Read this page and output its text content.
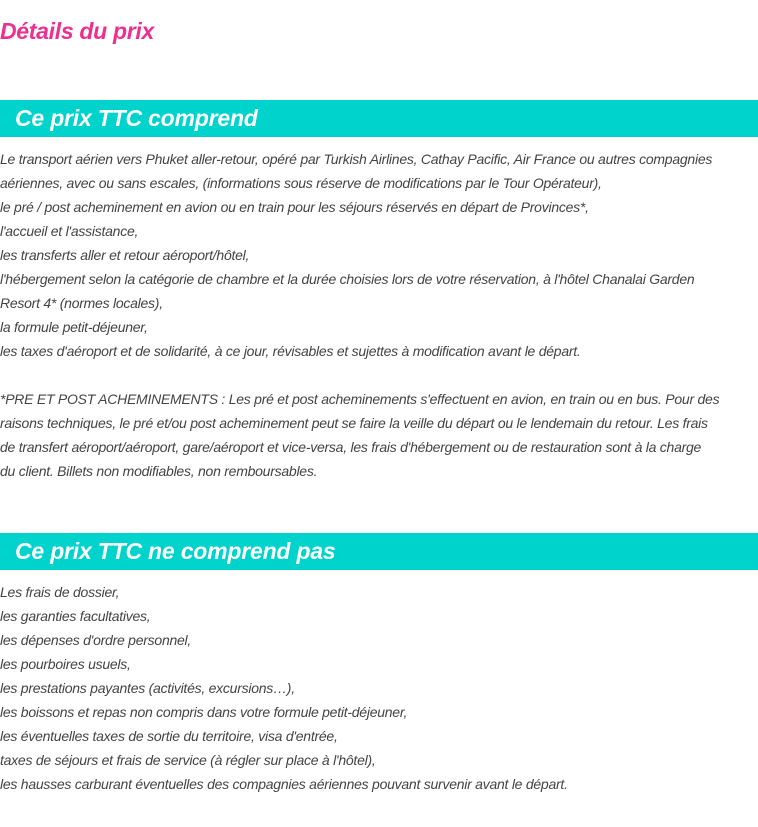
Détails du prix
Ce prix TTC comprend
Le transport aérien vers Phuket aller-retour, opéré par Turkish Airlines, Cathay Pacific, Air France ou autres compagnies
aériennes, avec ou sans escales, (informations sous réserve de modifications par le Tour Opérateur),
le pré / post acheminement en avion ou en train pour les séjours réservés en départ de Provinces*,
l'accueil et l'assistance,
les transferts aller et retour aéroport/hôtel,
l'hébergement selon la catégorie de chambre et la durée choisies lors de votre réservation, à l'hôtel Chanalai Garden
Resort 4* (normes locales),
la formule petit-déjeuner,
les taxes d'aéroport et de solidarité, à ce jour, révisables et sujettes à modification avant le départ.
*PRE ET POST ACHEMINEMENTS : Les pré et post acheminements s'effectuent en avion, en train ou en bus. Pour des
raisons techniques, le pré et/ou post acheminement peut se faire la veille du départ ou le lendemain du retour. Les frais
de transfert aéroport/aéroport, gare/aéroport et vice-versa, les frais d'hébergement ou de restauration sont à la charge
du client. Billets non modifiables, non remboursables.
Ce prix TTC ne comprend pas
Les frais de dossier,
les garanties facultatives,
les dépenses d'ordre personnel,
les pourboires usuels,
les prestations payantes (activités, excursions…),
les boissons et repas non compris dans votre formule petit-déjeuner,
les éventuelles taxes de sortie du territoire, visa d'entrée,
taxes de séjours et frais de service (à régler sur place à l'hôtel),
les hausses carburant éventuelles des compagnies aériennes pouvant survenir avant le départ.
